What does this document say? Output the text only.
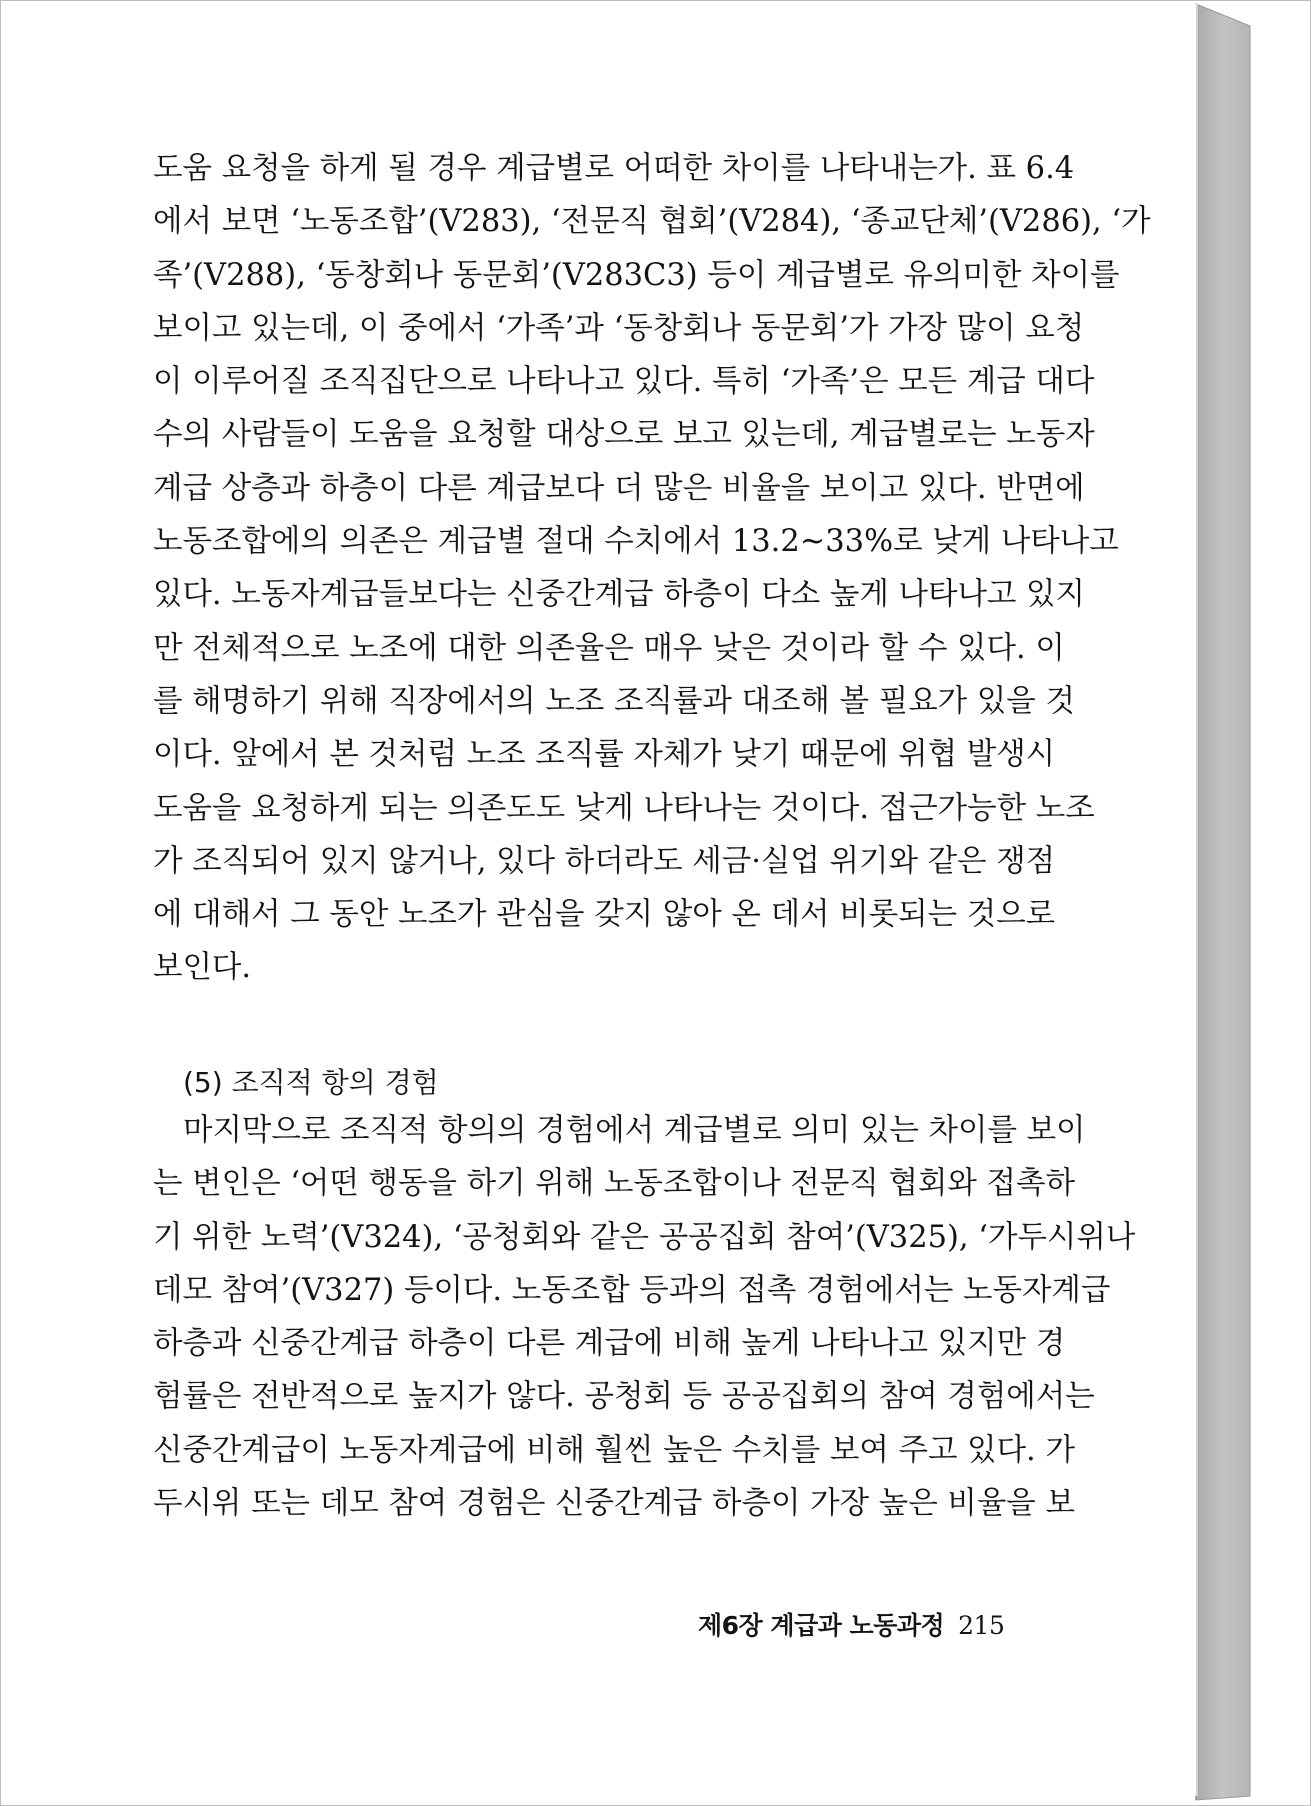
도움 요청을 하게 될 경우 계급별로 어떠한 차이를 나타내는가. 표 6.4
에서 보면 ‘노동조합’(V283), ‘전문직 협회’(V284), ‘종교단체’(V286), ‘가
족’(V288), ‘동창회나 동문회’(V283C3) 등이 계급별로 유의미한 차이를
보이고 있는데, 이 중에서 ‘가족’과 ‘동창회나 동문회’가 가장 많이 요청
이 이루어질 조직집단으로 나타나고 있다. 특히 ‘가족’은 모든 계급 대다
수의 사람들이 도움을 요청할 대상으로 보고 있는데, 계급별로는 노동자
계급 상층과 하층이 다른 계급보다 더 많은 비율을 보이고 있다. 반면에
노동조합에의 의존은 계급별 절대 수치에서 13.2~33%로 낮게 나타나고
있다. 노동자계급들보다는 신중간계급 하층이 다소 높게 나타나고 있지
만 전체적으로 노조에 대한 의존율은 매우 낮은 것이라 할 수 있다. 이
를 해명하기 위해 직장에서의 노조 조직률과 대조해 볼 필요가 있을 것
이다. 앞에서 본 것처럼 노조 조직률 자체가 낮기 때문에 위협 발생시
도움을 요청하게 되는 의존도도 낮게 나타나는 것이다. 접근가능한 노조
가 조직되어 있지 않거나, 있다 하더라도 세금·실업 위기와 같은 쟁점
에 대해서 그 동안 노조가 관심을 갖지 않아 온 데서 비롯되는 것으로
보인다.
(5) 조직적 항의 경험
마지막으로 조직적 항의의 경험에서 계급별로 의미 있는 차이를 보이
는 변인은 ‘어떤 행동을 하기 위해 노동조합이나 전문직 협회와 접촉하
기 위한 노력’(V324), ‘공청회와 같은 공공집회 참여’(V325), ‘가두시위나
데모 참여’(V327) 등이다. 노동조합 등과의 접촉 경험에서는 노동자계급
하층과 신중간계급 하층이 다른 계급에 비해 높게 나타나고 있지만 경
험률은 전반적으로 높지가 않다. 공청회 등 공공집회의 참여 경험에서는
신중간계급이 노동자계급에 비해 훨씬 높은 수치를 보여 주고 있다. 가
두시위 또는 데모 참여 경험은 신중간계급 하층이 가장 높은 비율을 보
제6장 계급과 노동과정 215
